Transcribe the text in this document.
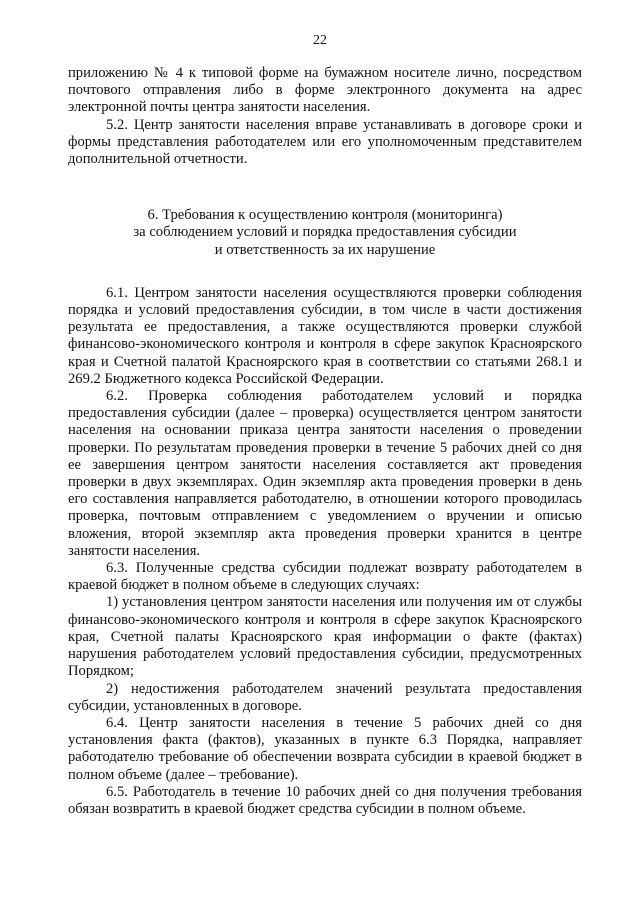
22

приложению № 4 к типовой форме на бумажном носителе лично, посредством почтового отправления либо в форме электронного документа на адрес электронной почты центра занятости населения.

5.2. Центр занятости населения вправе устанавливать в договоре сроки и формы представления работодателем или его уполномоченным представителем дополнительной отчетности.

6. Требования к осуществлению контроля (мониторинга)

за соблюдением условий и порядка предоставления субсидии

и ответственность за их нарушение

6.1. Центром занятости населения осуществляются проверки соблюдения порядка и условий предоставления субсидии, в том числе в части достижения результата ее предоставления, а также осуществляются проверки службой финансово-экономического контроля и контроля в сфере закупок Красноярского края и Счетной палатой Красноярского края в соответствии со статьями 268.1 и 269.2 Бюджетного кодекса Российской Федерации.

6.2. Проверка соблюдения работодателем условий и порядка предоставления субсидии (далее – проверка) осуществляется центром занятости населения на основании приказа центра занятости населения о проведении проверки. По результатам проведения проверки в течение 5 рабочих дней со дня ее завершения центром занятости населения составляется акт проведения проверки в двух экземплярах. Один экземпляр акта проведения проверки в день его составления направляется работодателю, в отношении которого проводилась проверка, почтовым отправлением с уведомлением о вручении и описью вложения, второй экземпляр акта проведения проверки хранится в центре занятости населения.

6.3. Полученные средства субсидии подлежат возврату работодателем в краевой бюджет в полном объеме в следующих случаях:

1) установления центром занятости населения или получения им от службы финансово-экономического контроля и контроля в сфере закупок Красноярского края, Счетной палаты Красноярского края информации о факте (фактах) нарушения работодателем условий предоставления субсидии, предусмотренных Порядком;

2) недостижения работодателем значений результата предоставления субсидии, установленных в договоре.

6.4. Центр занятости населения в течение 5 рабочих дней со дня установления факта (фактов), указанных в пункте 6.3 Порядка, направляет работодателю требование об обеспечении возврата субсидии в краевой бюджет в полном объеме (далее – требование).

6.5. Работодатель в течение 10 рабочих дней со дня получения требования обязан возвратить в краевой бюджет средства субсидии в полном объеме.
